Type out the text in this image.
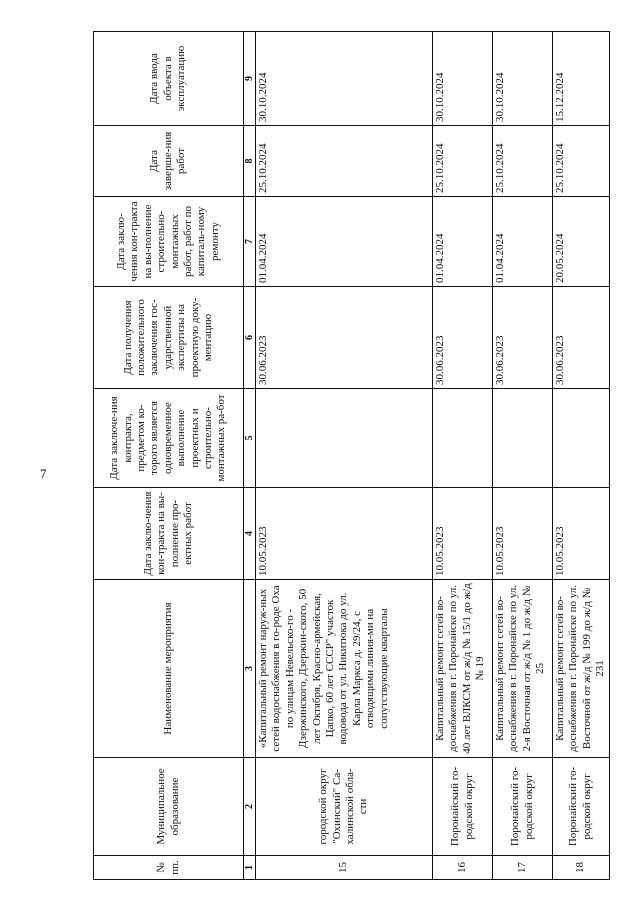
7
№ пп.	Муниципальное образование	Наименование мероприятия	Дата заклю-чения кон-тракта на вы-полнение про-ектных работ	Дата заключе-ния контракта, предметом ко-торого является одновременное выполнение проектных и строительно-монтажных ра-бот	Дата получения положительного заключения гос-ударственной экспертизы на проектную доку-ментацию	Дата заклю-чения кон-тракта на вы-полнение строительно-монтажных работ, работ по капиталь-ному ремонту	Дата заверше-ния работ	Дата ввода объекта в эксплуатацию
1	2	3	4	5	6	7	8	9
15	городской округ "Охинский" Са-халинской обла-сти	«Капитальный ремонт наруж-ных сетей водоснабжения в го-роде Оха по улицам Невельско-го - Дзержинского, Дзержин-ского, 50 лет Октября, Красно-армейская, Цапко, 60 лет СССР" участок водовода от ул. Никитюка до ул. Карла Маркса д. 29/24, с отводящими линия-ми на сопутствующие кварталы	10.05.2023		30.06.2023	01.04.2024	25.10.2024	30.10.2024
16	Поронайский го-родской округ	Капитальный ремонт сетей во-доснабжения в г. Поронайске по ул. 40 лет ВЛКСМ от ж/д № 15/1 до ж/д № 19	10.05.2023		30.06.2023	01.04.2024	25.10.2024	30.10.2024
17	Поронайский го-родской округ	Капитальный ремонт сетей во-доснабжения в г. Поронайске по ул. 2-я Восточная от ж/д № 1 до ж/д № 25	10.05.2023		30.06.2023	01.04.2024	25.10.2024	30.10.2024
18	Поронайский го-родской округ	Капитальный ремонт сетей во-доснабжения в г. Поронайске по ул. Восточной от ж/д № 199 до ж/д № 231	10.05.2023		30.06.2023	20.05.2024	25.10.2024	15.12.2024
